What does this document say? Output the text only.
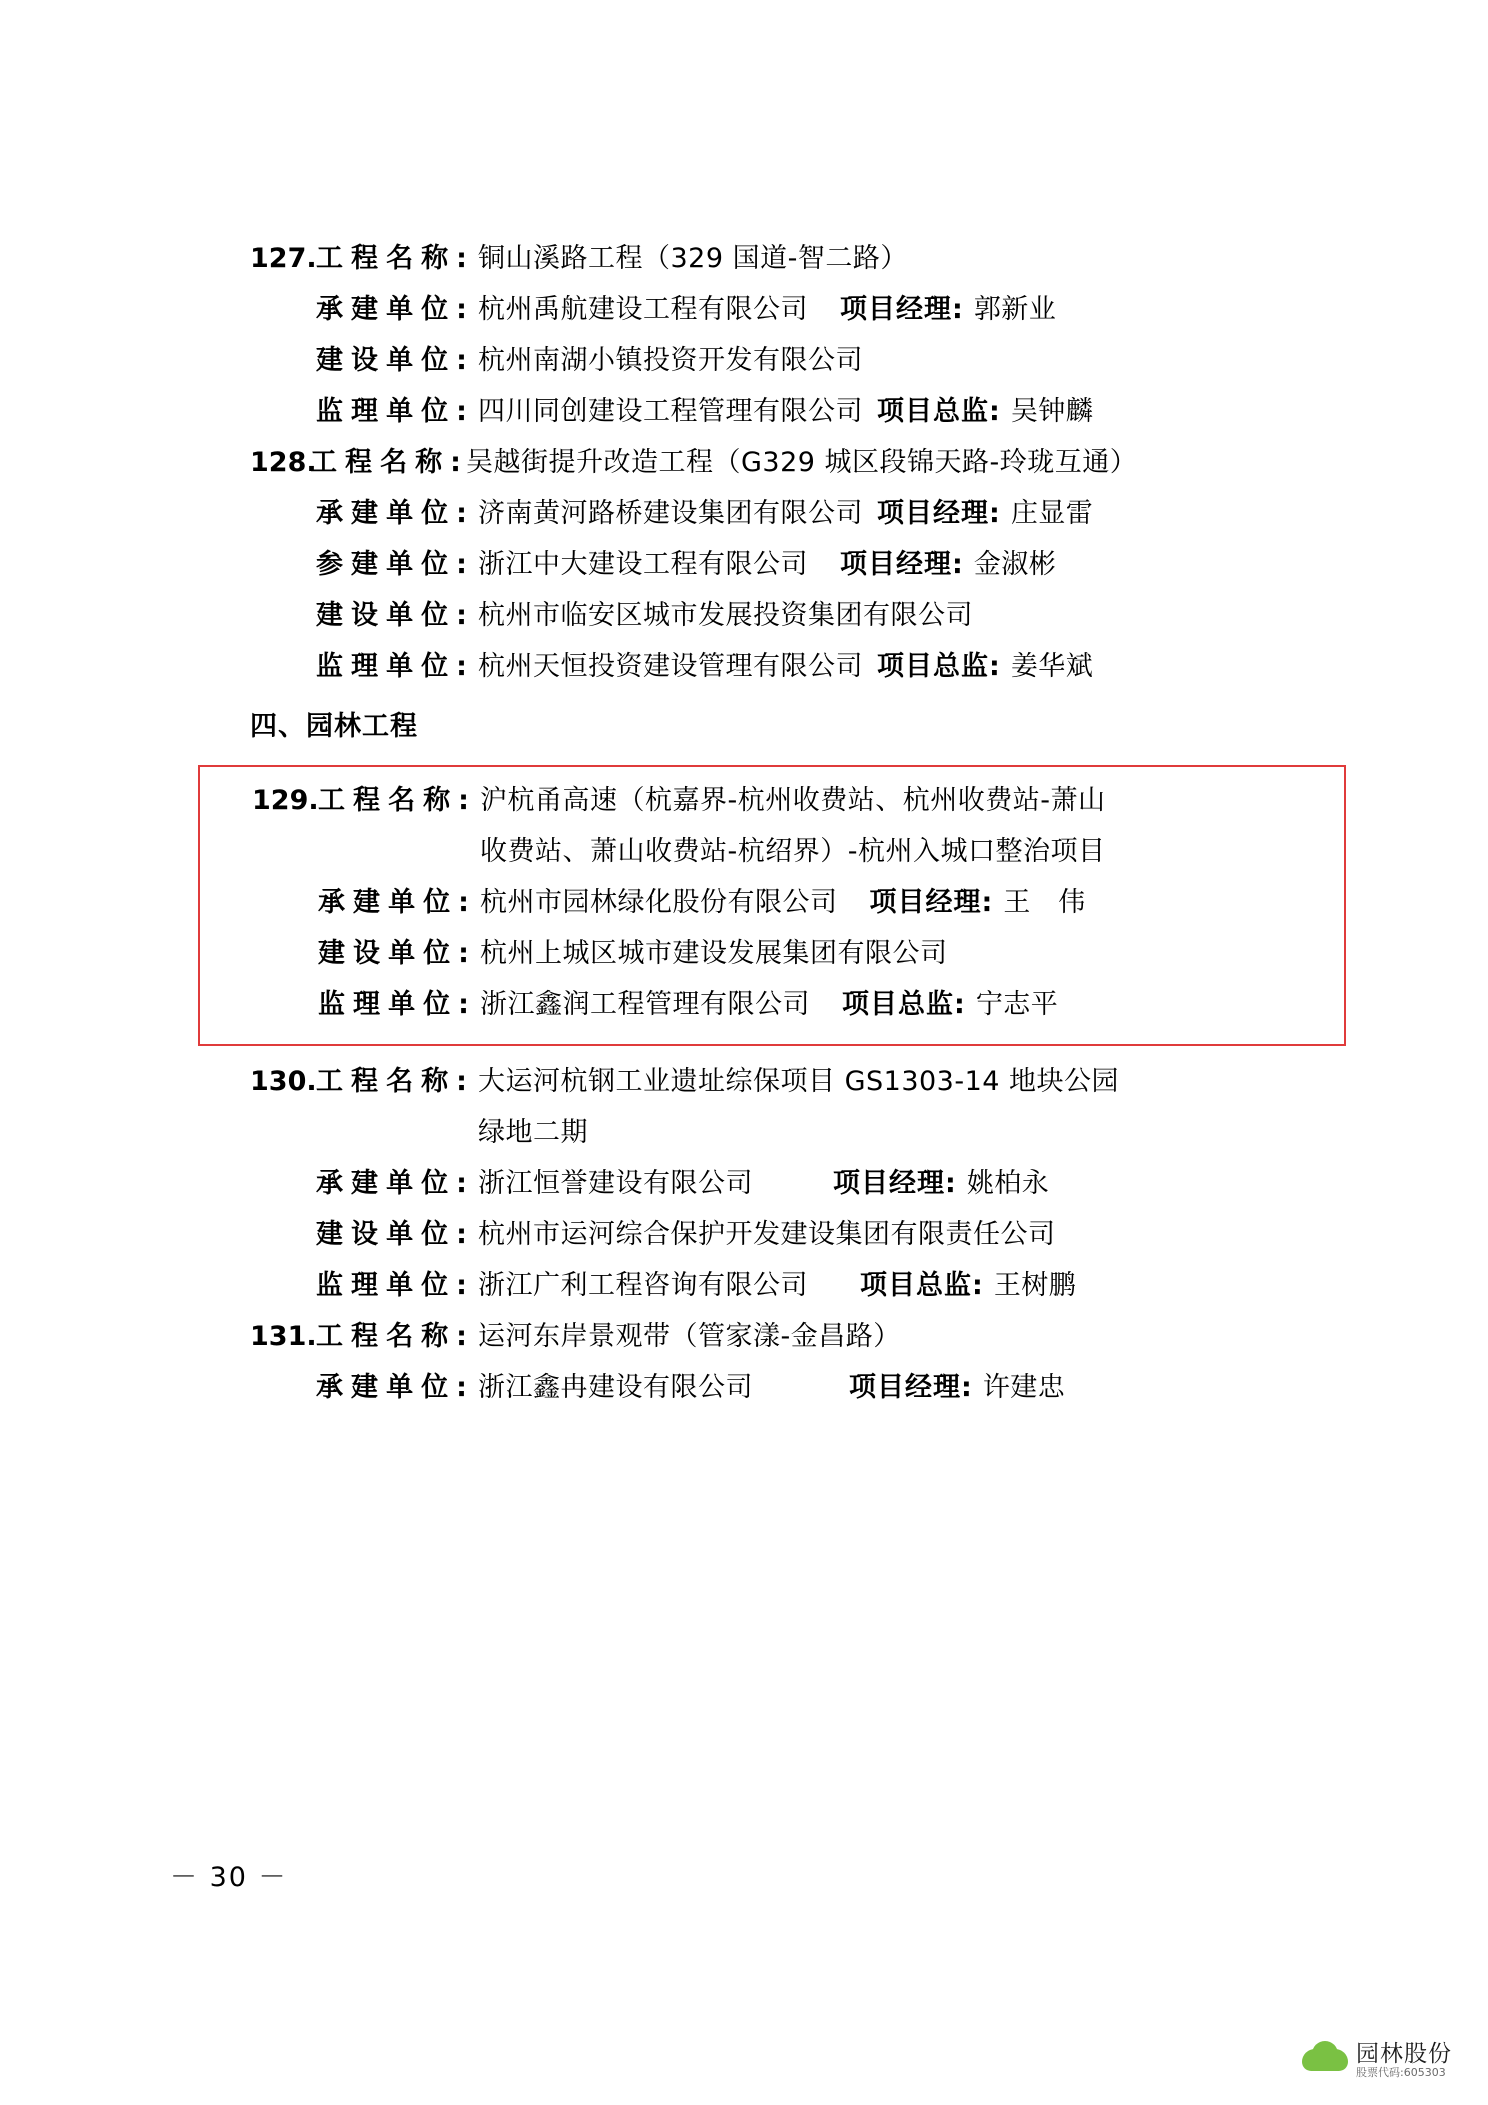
127. 工程名称: 铜山溪路工程（329 国道-智二路）
承建单位: 杭州禹航建设工程有限公司 项目经理: 郭新业
建设单位: 杭州南湖小镇投资开发有限公司
监理单位: 四川同创建设工程管理有限公司 项目总监: 吴钟麟
128.
工程名称: 吴越街提升改造工程（G329 城区段锦天路-玲珑互通）
承建单位: 济南黄河路桥建设集团有限公司 项目经理: 庄显雷
参建单位: 浙江中大建设工程有限公司 项目经理: 金淑彬
建设单位: 杭州市临安区城市发展投资集团有限公司
监理单位: 杭州天恒投资建设管理有限公司 项目总监: 姜华斌
四、园林工程
129. 工程名称: 沪杭甬高速（杭嘉界-杭州收费站、杭州收费站-萧山
收费站、萧山收费站-杭绍界）-杭州入城口整治项目
承建单位: 杭州市园林绿化股份有限公司 项目经理: 王　伟
建设单位: 杭州上城区城市建设发展集团有限公司
监理单位: 浙江鑫润工程管理有限公司 项目总监: 宁志平
130. 工程名称: 大运河杭钢工业遗址综保项目 GS1303-14 地块公园
绿地二期
承建单位: 浙江恒誉建设有限公司	项目经理: 姚柏永
建设单位: 杭州市运河综合保护开发建设集团有限责任公司
监理单位: 浙江广利工程咨询有限公司 项目总监: 王树鹏
131. 工程名称: 运河东岸景观带（管家漾-金昌路）
承建单位: 浙江鑫冉建设有限公司	项目经理: 许建忠
－ 30 －
园林股份
股票代码:605303
